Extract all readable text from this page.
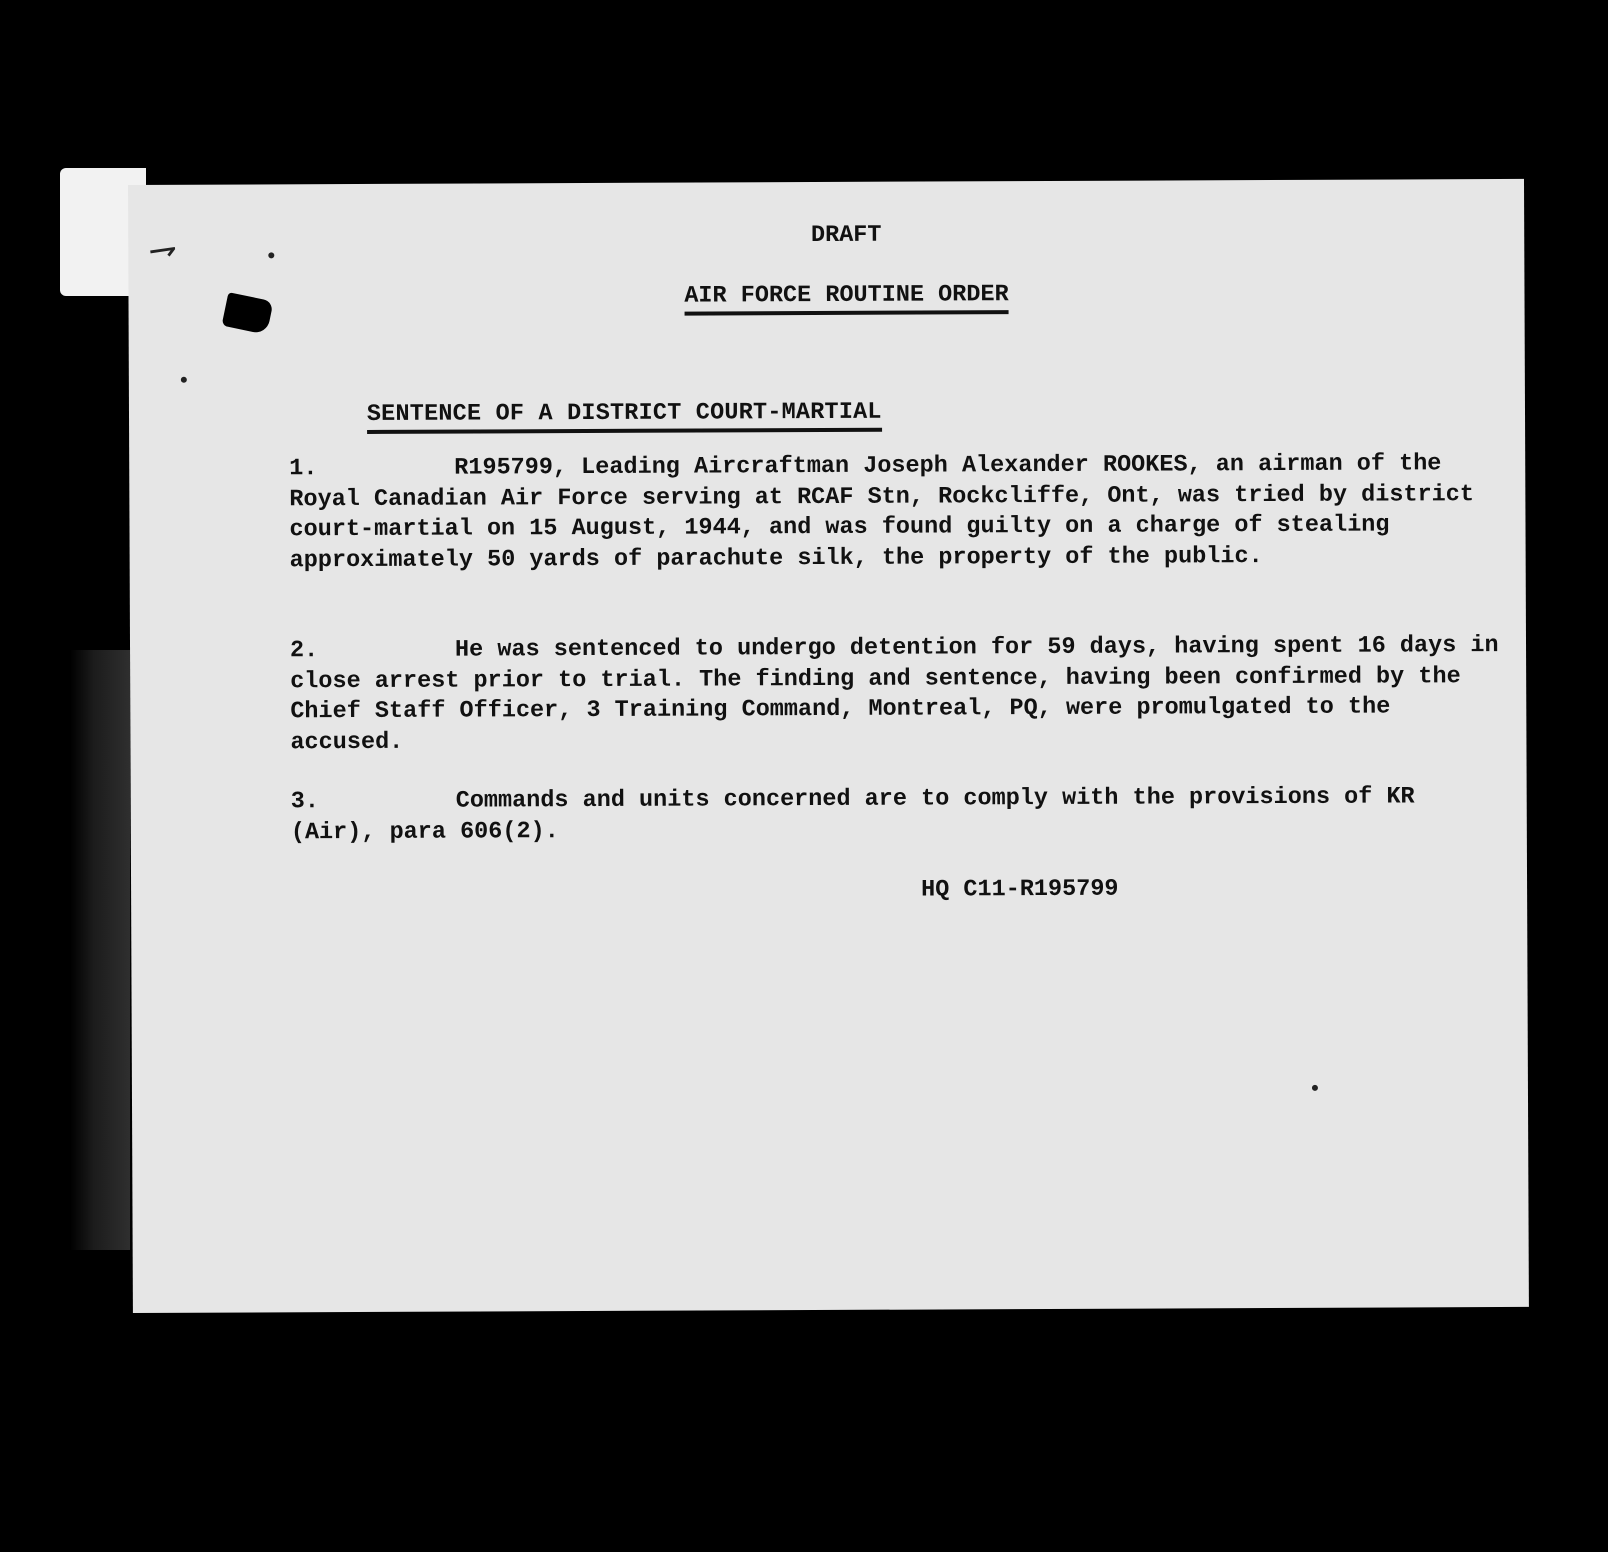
⇁	DRAFT
AIR FORCE ROUTINE ORDER

SENTENCE OF A DISTRICT COURT-MARTIAL

1.	R195799, Leading Aircraftman Joseph Alexander ROOKES, an airman of the Royal Canadian Air Force serving at RCAF Stn, Rockcliffe, Ont, was tried by district court-martial on 15 August, 1944, and was found guilty on a charge of stealing approximately 50 yards of parachute silk, the property of the public.
2.	He was sentenced to undergo detention for 59 days, having spent 16 days in close arrest prior to trial. The finding and sentence, having been confirmed by the Chief Staff Officer, 3 Training Command, Montreal, PQ, were promulgated to the accused.
3.	Commands and units concerned are to comply with the provisions of KR (Air), para 606(2).
HQ C11-R195799
